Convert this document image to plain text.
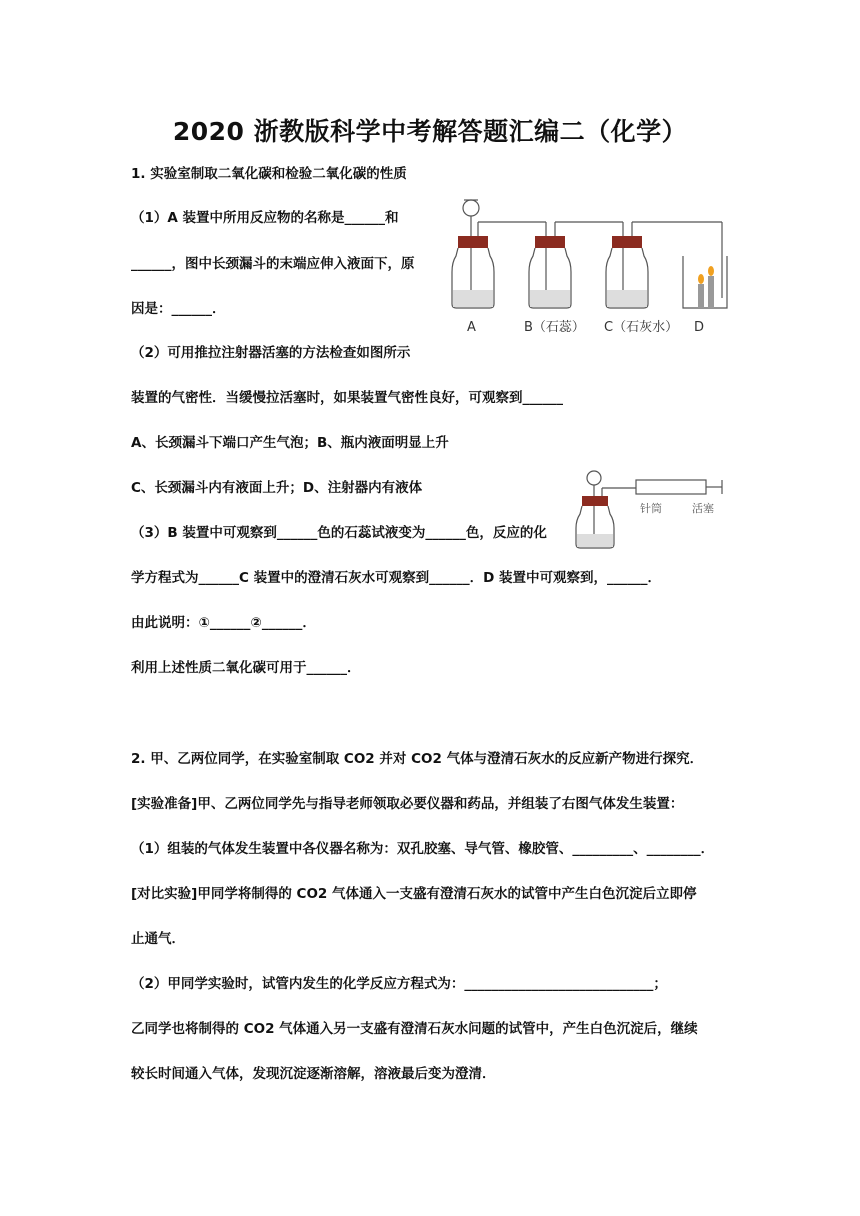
2020 浙教版科学中考解答题汇编二（化学）
1. 实验室制取二氧化碳和检验二氧化碳的性质
（1）A 装置中所用反应物的名称是______和
______，图中长颈漏斗的末端应伸入液面下，原
因是：______．
（2）可用推拉注射器活塞的方法检查如图所示
装置的气密性．当缓慢拉活塞时，如果装置气密性良好，可观察到______
A、长颈漏斗下端口产生气泡；B、瓶内液面明显上升
C、长颈漏斗内有液面上升；D、注射器内有液体
（3）B 装置中可观察到______色的石蕊试液变为______色，反应的化
学方程式为______C 装置中的澄清石灰水可观察到______．D 装置中可观察到，______．
由此说明：①______②______．
利用上述性质二氧化碳可用于______．
2. 甲、乙两位同学，在实验室制取 CO2 并对 CO2 气体与澄清石灰水的反应新产物进行探究．
[实验准备]甲、乙两位同学先与指导老师领取必要仪器和药品，并组装了右图气体发生装置：
（1）组装的气体发生装置中各仪器名称为：双孔胶塞、导气管、橡胶管、_________、________．
[对比实验]甲同学将制得的 CO2 气体通入一支盛有澄清石灰水的试管中产生白色沉淀后立即停
止通气．
（2）甲同学实验时，试管内发生的化学反应方程式为：____________________________；
乙同学也将制得的 CO2 气体通入另一支盛有澄清石灰水问题的试管中，产生白色沉淀后，继续
较长时间通入气体，发现沉淀逐渐溶解，溶液最后变为澄清．
A	B（石蕊） C（石灰水） D
针筒	活塞
